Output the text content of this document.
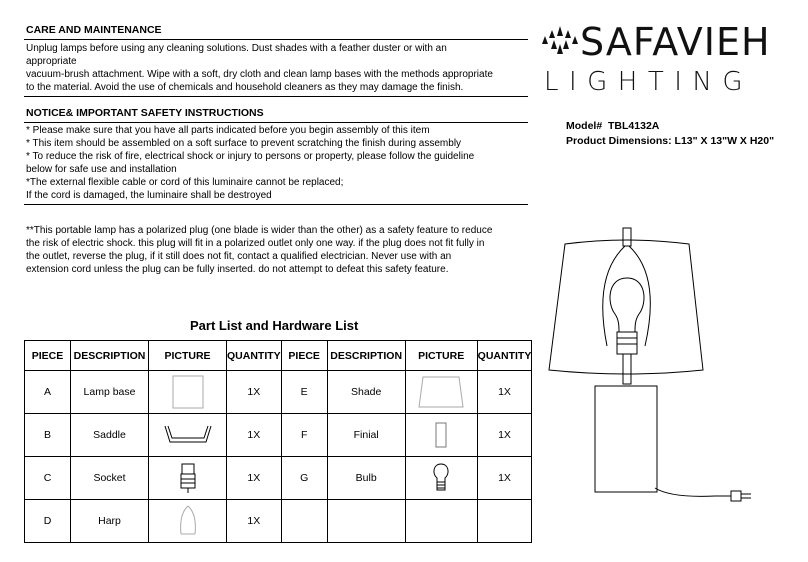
CARE AND MAINTENANCE
Unplug lamps before using any cleaning solutions. Dust shades with a feather duster or with an
appropriate
vacuum-brush attachment. Wipe with a soft, dry cloth and clean lamp bases with the methods appropriate
to the material. Avoid the use of chemicals and household cleaners as they may damage the finish.
NOTICE& IMPORTANT SAFETY INSTRUCTIONS
* Please make sure that you have all parts indicated before you begin assembly of this item
* This item should be assembled on a soft surface to prevent scratching the finish during assembly
* To reduce the risk of fire, electrical shock or injury to persons or property, please follow the guideline
below for safe use and installation
*The external flexible cable or cord of this luminaire cannot be replaced;
If the cord is damaged, the luminaire shall be destroyed
**This portable lamp has a polarized plug (one blade is wider than the other) as a safety feature to reduce
the risk of electric shock. this plug will fit in a polarized outlet only one way. if the plug does not fit fully in
the outlet, reverse the plug, if it still does not fit, contact a qualified electrician. Never use with an
extension cord unless the plug can be fully inserted. do not attempt to defeat this safety feature.
SAFAVIEH
LIGHTING
Model# TBL4132A
Product Dimensions: L13" X 13"W X H20"
Part List and Hardware List
PIECE	DESCRIPTION	PICTURE	QUANTITY	PIECE	DESCRIPTION	PICTURE	QUANTITY
A	Lamp base		1X	E	Shade		1X
B	Saddle		1X	F	Finial		1X
C	Socket		1X	G	Bulb		1X
D	Harp		1X				
